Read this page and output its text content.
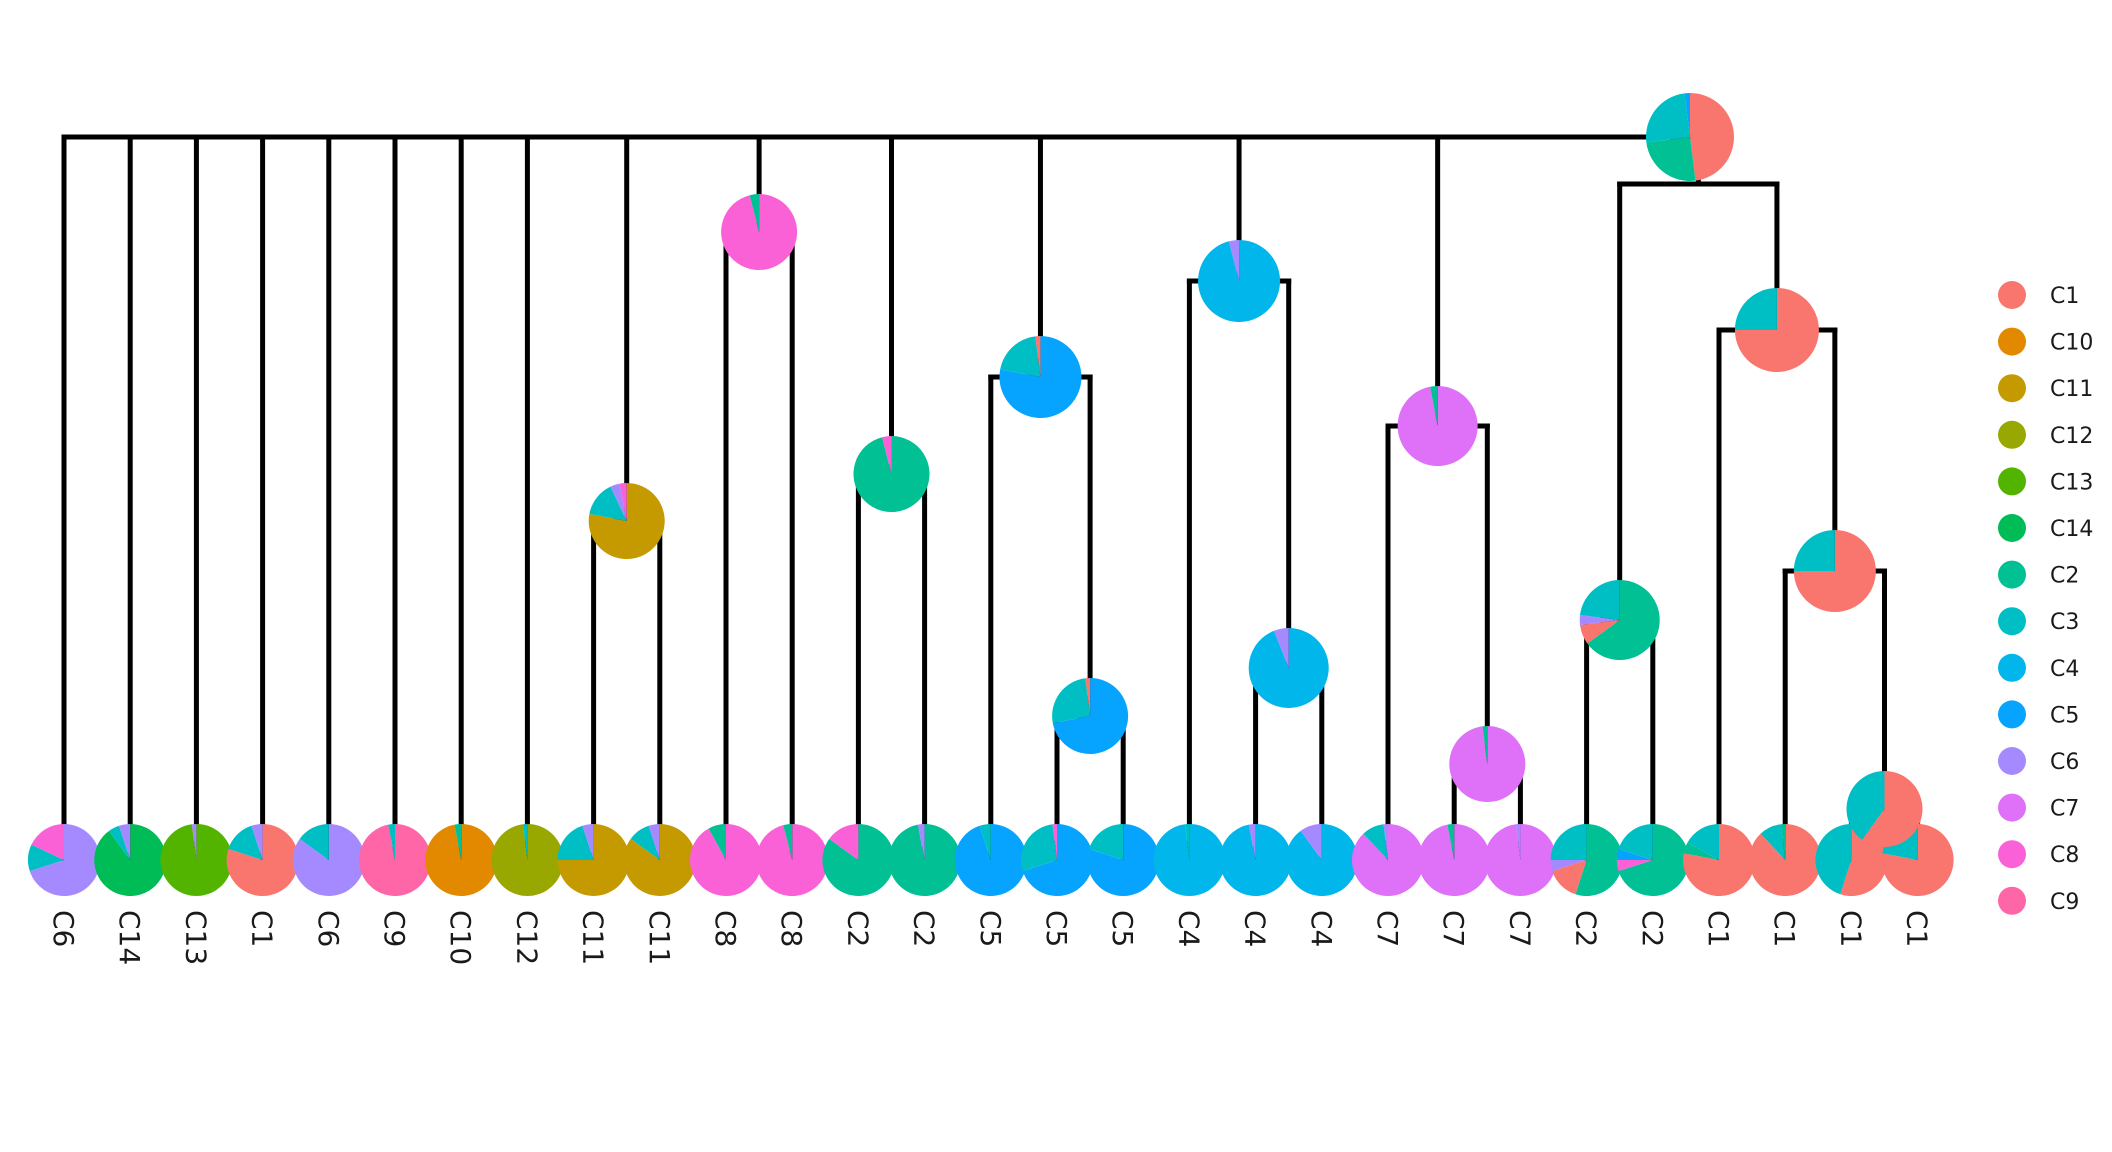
C6 C14 C13 C1 C6 C9 C10 C12 C11 C11 C8 C8 C2 C2 C5 C5 C5 C4 C4 C4 C7 C7 C7 C2 C2 C1 C1 C1 C1
C1
C10
C11
C12
C13
C14
C2
C3
C4
C5
C6
C7
C8
C9
